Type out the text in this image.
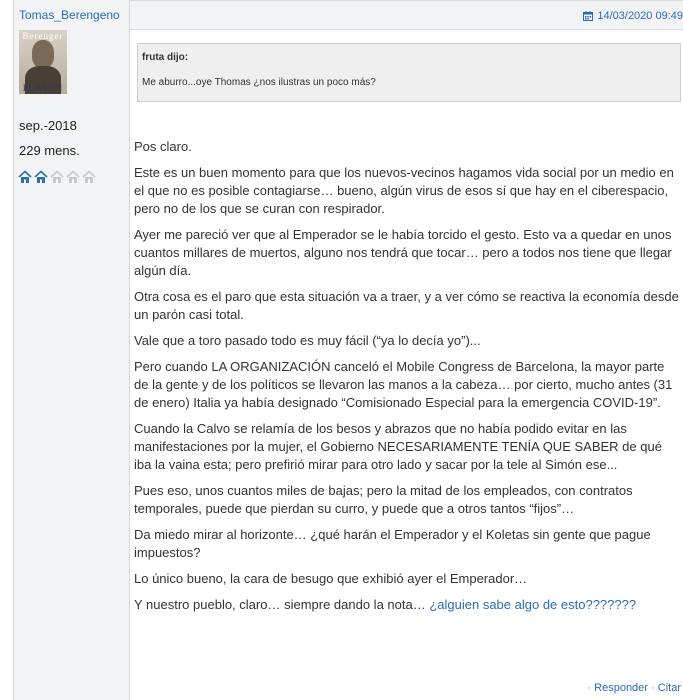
Tomas_Berengeno
Berenger
PLATON
sep.-2018
229 mens.
14/03/2020 09:49
fruta dijo:
Me aburro...oye Thomas ¿nos ilustras un poco más?

Pos claro.

Este es un buen momento para que los nuevos-vecinos hagamos vida social por un medio en el que no es posible contagiarse… bueno, algún virus de esos sí que hay en el ciberespacio, pero no de los que se curan con respirador.

Ayer me pareció ver que al Emperador se le había torcido el gesto. Esto va a quedar en unos cuantos millares de muertos, alguno nos tendrá que tocar… pero a todos nos tiene que llegar algún día.

Otra cosa es el paro que esta situación va a traer, y a ver cómo se reactiva la economía desde un parón casi total.

Vale que a toro pasado todo es muy fácil (“ya lo decía yo”)...

Pero cuando LA ORGANIZACIÓN canceló el Mobile Congress de Barcelona, la mayor parte de la gente y de los políticos se llevaron las manos a la cabeza… por cierto, mucho antes (31 de enero) Italia ya había designado “Comisionado Especial para la emergencia COVID-19”.

Cuando la Calvo se relamía de los besos y abrazos que no había podido evitar en las manifestaciones por la mujer, el Gobierno NECESARIAMENTE TENÍA QUE SABER de qué iba la vaina esta; pero prefirió mirar para otro lado y sacar por la tele al Simón ese...

Pues eso, unos cuantos miles de bajas; pero la mitad de los empleados, con contratos temporales, puede que pierdan su curro, y puede que a otros tantos “fijos”…

Da miedo mirar al horizonte… ¿qué harán el Emperador y el Koletas sin gente que pague impuestos?

Lo único bueno, la cara de besugo que exhibió ayer el Emperador…

Y nuestro pueblo, claro… siempre dando la nota… ¿alguien sabe algo de esto???????

· Responder · Citar
